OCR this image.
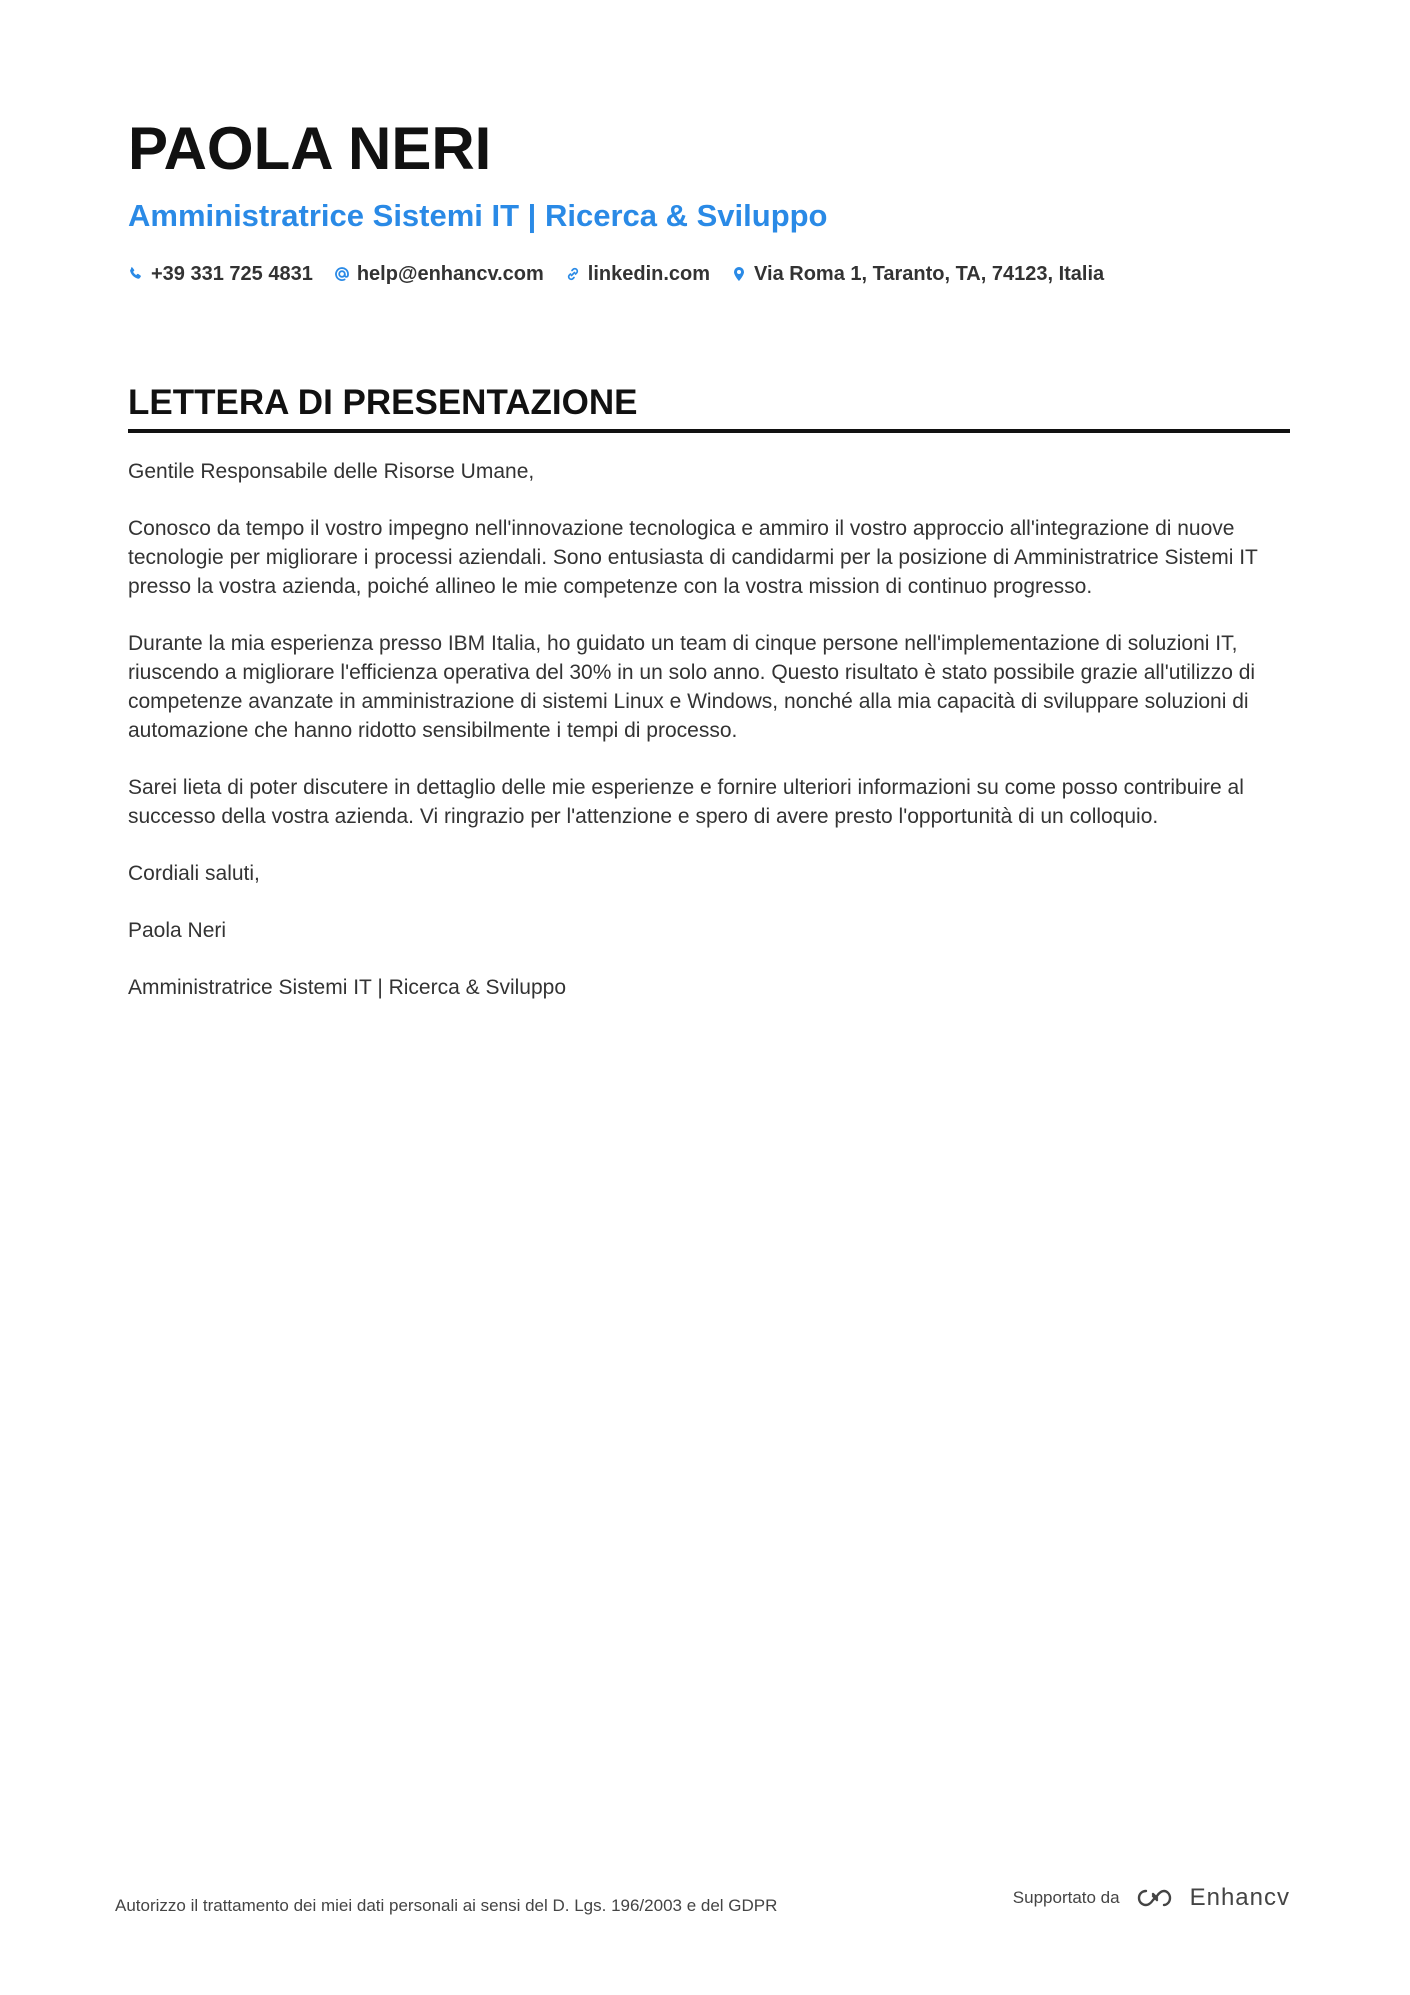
PAOLA NERI
Amministratrice Sistemi IT | Ricerca & Sviluppo
+39 331 725 4831 help@enhancv.com linkedin.com Via Roma 1, Taranto, TA, 74123, Italia
LETTERA DI PRESENTAZIONE

Gentile Responsabile delle Risorse Umane,

Conosco da tempo il vostro impegno nell'innovazione tecnologica e ammiro il vostro approccio all'integrazione di nuove tecnologie per migliorare i processi aziendali. Sono entusiasta di candidarmi per la posizione di Amministratrice Sistemi IT presso la vostra azienda, poiché allineo le mie competenze con la vostra mission di continuo progresso.

Durante la mia esperienza presso IBM Italia, ho guidato un team di cinque persone nell'implementazione di soluzioni IT, riuscendo a migliorare l'efficienza operativa del 30% in un solo anno. Questo risultato è stato possibile grazie all'utilizzo di competenze avanzate in amministrazione di sistemi Linux e Windows, nonché alla mia capacità di sviluppare soluzioni di automazione che hanno ridotto sensibilmente i tempi di processo.

Sarei lieta di poter discutere in dettaglio delle mie esperienze e fornire ulteriori informazioni su come posso contribuire al successo della vostra azienda. Vi ringrazio per l'attenzione e spero di avere presto l'opportunità di un colloquio.

Cordiali saluti,

Paola Neri

Amministratrice Sistemi IT | Ricerca & Sviluppo

Autorizzo il trattamento dei miei dati personali ai sensi del D. Lgs. 196/2003 e del GDPR	Supportato da	Enhancv
